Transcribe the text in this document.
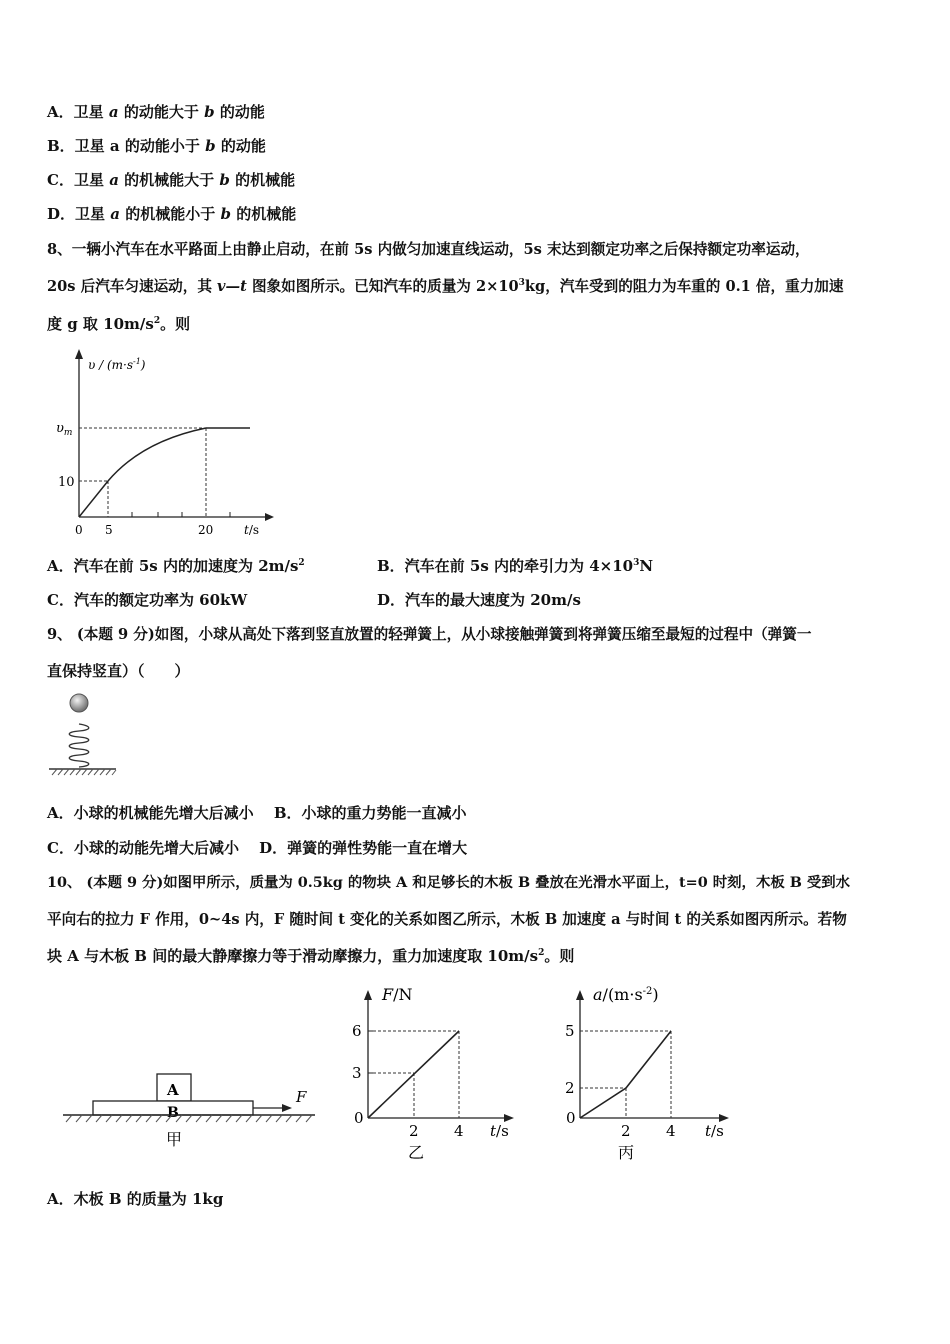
A．卫星 a 的动能大于 b 的动能
B．卫星 a 的动能小于 b 的动能
C．卫星 a 的机械能大于 b 的机械能
D．卫星 a 的机械能小于 b 的机械能
8、一辆小汽车在水平路面上由静止启动，在前 5s 内做匀加速直线运动，5s 末达到额定功率之后保持额定功率运动，
20s 后汽车匀速运动，其 v—t 图象如图所示。已知汽车的质量为 $2\times 10^3kg$，汽车受到的阻力为车重的 0.1 倍，重力加速
度 g 取 $10m/s^2$。则
$\upsilon / (m\cdot s^{-1})$
$\upsilon_m$
10
0 5	20	t/s
A．汽车在前 5s 内的加速度为 $2m/s^2$	B．汽车在前 5s 内的牵引力为 $4\times 10^3N$
C．汽车的额定功率为 60kW	D．汽车的最大速度为 20m/s
9、 (本题 9 分)如图，小球从高处下落到竖直放置的轻弹簧上，从小球接触弹簧到将弹簧压缩至最短的过程中（弹簧一
直保持竖直）（　　）
A．小球的机械能先增大后减小　 B．小球的重力势能一直减小
C．小球的动能先增大后减小　 D．弹簧的弹性势能一直在增大
10、 (本题 9 分)如图甲所示，质量为 0.5kg 的物块 A 和足够长的木板 B 叠放在光滑水平面上，t=0 时刻，木板 B 受到水
平向右的拉力 F 作用，0~4s 内，F 随时间 t 变化的关系如图乙所示，木板 B 加速度 a 与时间 t 的关系如图丙所示。若物
块 A 与木板 B 间的最大静摩擦力等于滑动摩擦力，重力加速度取 $10m/s^2$。则
A
B
F
甲
F/N
6
3
0
2 4 t/s
乙
$a/(m\cdot s^{-2})$
5
2
0
2 4 t/s
丙
A．木板 B 的质量为 1kg
